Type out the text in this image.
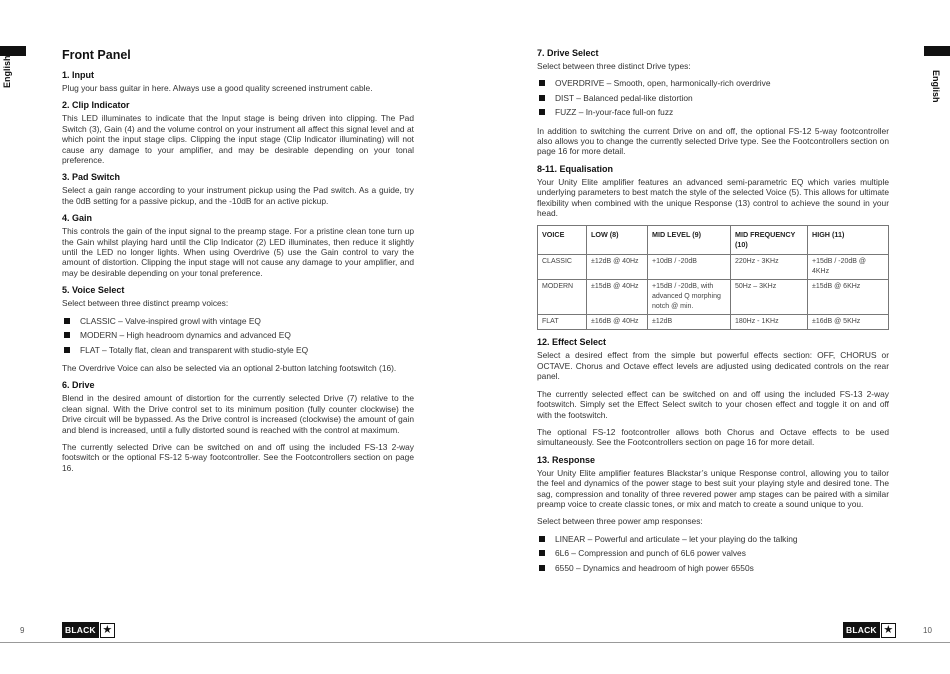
English
Front Panel
1. Input

Plug your bass guitar in here. Always use a good quality screened instrument cable.

2. Clip Indicator

This LED illuminates to indicate that the Input stage is being driven into clipping. The Pad Switch (3), Gain (4) and the volume control on your instrument all affect this signal level and at which point the input stage clips. Clipping the input stage (Clip Indicator illuminating) will not cause any damage to your amplifier, and may be desirable depending on your tonal preference.

3. Pad Switch

Select a gain range according to your instrument pickup using the Pad switch. As a guide, try the 0dB setting for a passive pickup, and the -10dB for an active pickup.

4. Gain

This controls the gain of the input signal to the preamp stage. For a pristine clean tone turn up the Gain whilst playing hard until the Clip Indicator (2) LED illuminates, then reduce it slightly until the LED no longer lights. When using Overdrive (5) use the Gain control to vary the amount of distortion. Clipping the input stage will not cause any damage to your amplifier, and may be desirable depending on your tonal preference.

5. Voice Select

Select between three distinct preamp voices:

CLASSIC – Valve-inspired growl with vintage EQ
MODERN – High headroom dynamics and advanced EQ
FLAT – Totally flat, clean and transparent with studio-style EQ

The Overdrive Voice can also be selected via an optional 2-button latching footswitch (16).

6. Drive

Blend in the desired amount of distortion for the currently selected Drive (7) relative to the clean signal. With the Drive control set to its minimum position (fully counter clockwise) the Drive circuit will be bypassed. As the Drive control is increased (clockwise) the amount of gain and blend is increased, until a fully distorted sound is reached with the control at maximum.

The currently selected Drive can be switched on and off using the included FS-13 2-way footswitch or the optional FS-12 5-way footcontroller. See the Footcontrollers section on page 16.

9	BLACK ★
English
7. Drive Select

Select between three distinct Drive types:

OVERDRIVE – Smooth, open, harmonically-rich overdrive
DIST – Balanced pedal-like distortion
FUZZ – In-your-face full-on fuzz

In addition to switching the current Drive on and off, the optional FS-12 5-way footcontroller also allows you to change the currently selected Drive type. See the Footcontrollers section on page 16 for more detail.

8-11. Equalisation

Your Unity Elite amplifier features an advanced semi-parametric EQ which varies multiple underlying parameters to best match the style of the selected Voice (5). This allows for ultimate flexibility when combined with the unique Response (13) control to achieve the sound in your head.

VOICE	LOW (8)	MID LEVEL (9)	MID FREQUENCY (10)	HIGH (11)
CLASSIC	±12dB @ 40Hz	+10dB / -20dB	220Hz - 3KHz	+15dB / -20dB @ 4KHz
MODERN	±15dB @ 40Hz	+15dB / -20dB, with advanced Q morphing notch @ min.	50Hz – 3KHz	±15dB @ 6KHz
FLAT	±16dB @ 40Hz	±12dB	180Hz - 1KHz	±16dB @ 5KHz
12. Effect Select

Select a desired effect from the simple but powerful effects section: OFF, CHORUS or OCTAVE. Chorus and Octave effect levels are adjusted using dedicated controls on the rear panel.

The currently selected effect can be switched on and off using the included FS-13 2-way footswitch. Simply set the Effect Select switch to your chosen effect and toggle it on and off with the footswitch.

The optional FS-12 footcontroller allows both Chorus and Octave effects to be used simultaneously. See the Footcontrollers section on page 16 for more detail.

13. Response

Your Unity Elite amplifier features Blackstar’s unique Response control, allowing you to tailor the feel and dynamics of the power stage to best suit your playing style and desired tone. The sag, compression and tonality of three revered power amp stages can be paired with a similar preamp voice to create classic tones, or mix and match to create a sound unique to you.

Select between three power amp responses:

LINEAR – Powerful and articulate – let your playing do the talking
6L6 – Compression and punch of 6L6 power valves
6550 – Dynamics and headroom of high power 6550s
BLACK ★	10
